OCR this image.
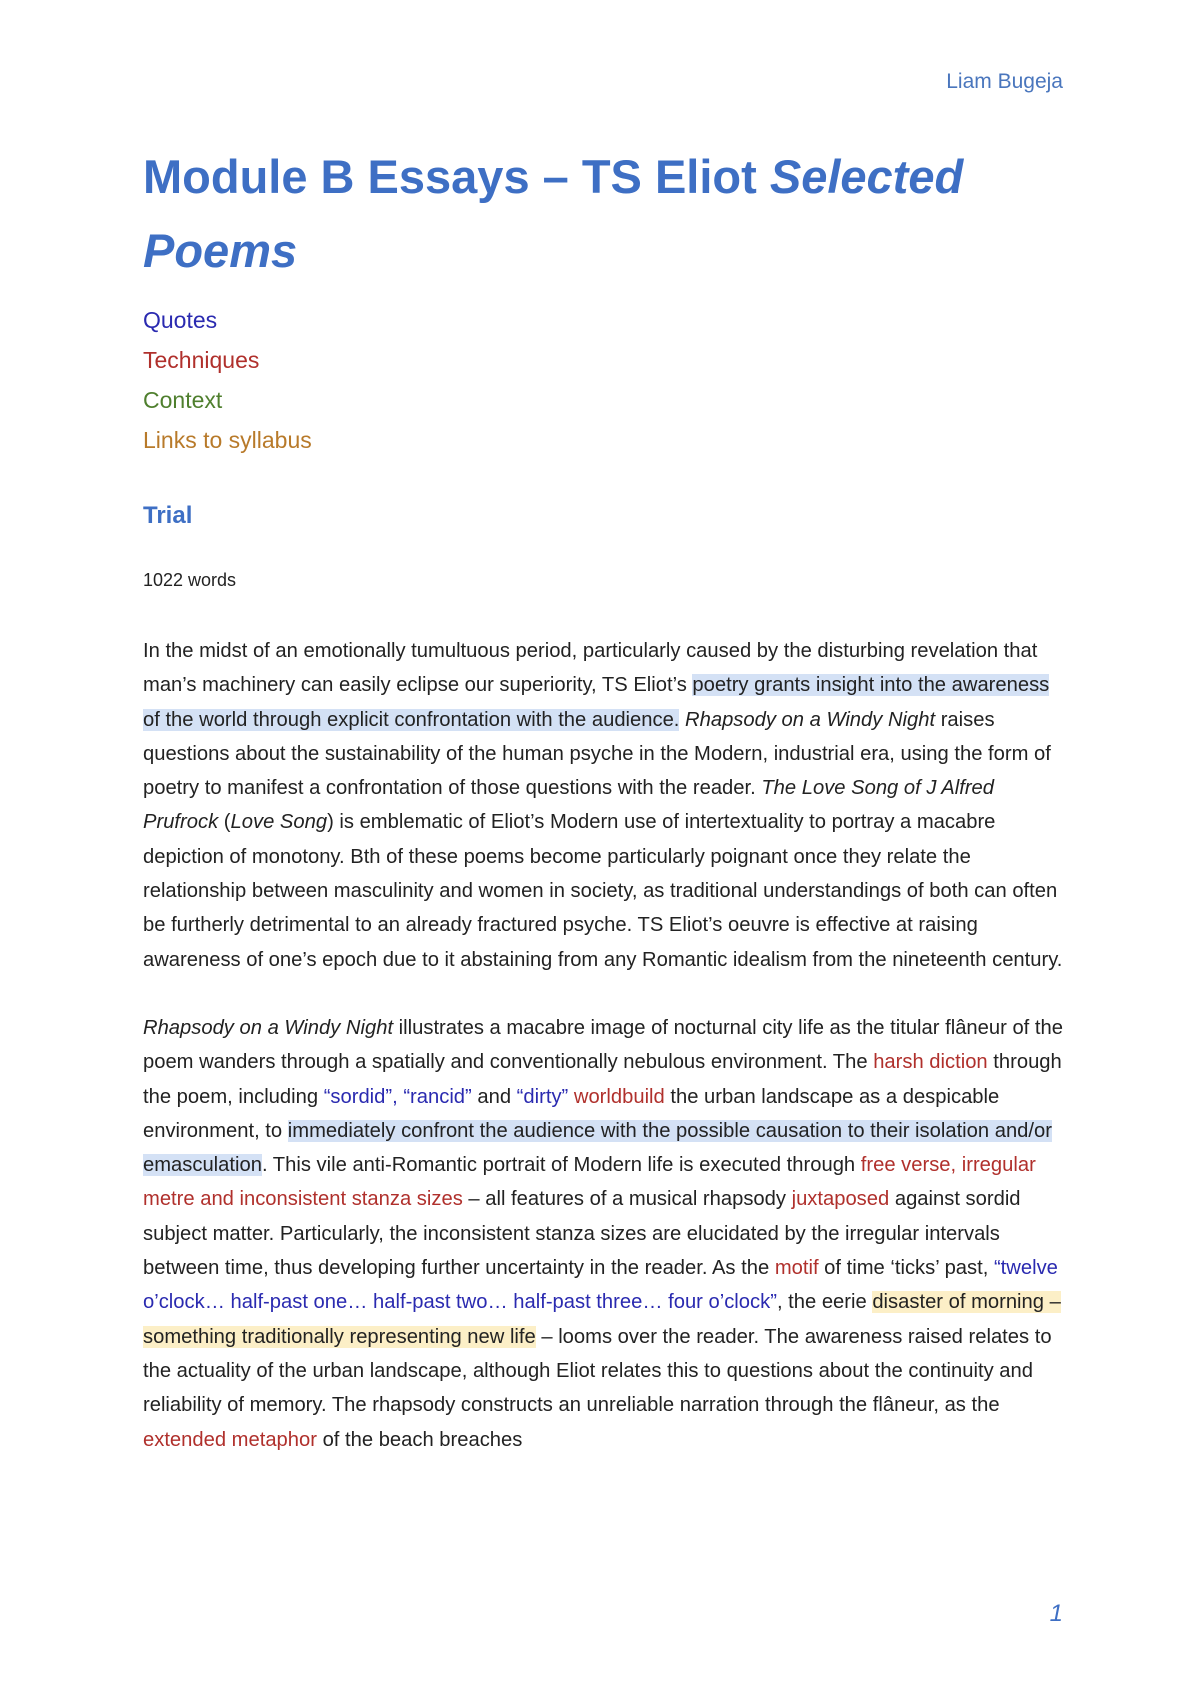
Liam Bugeja
Module B Essays – TS Eliot Selected Poems
Quotes
Techniques
Context
Links to syllabus
Trial
1022 words

In the midst of an emotionally tumultuous period, particularly caused by the disturbing revelation that man’s machinery can easily eclipse our superiority, TS Eliot’s poetry grants insight into the awareness of the world through explicit confrontation with the audience. Rhapsody on a Windy Night raises questions about the sustainability of the human psyche in the Modern, industrial era, using the form of poetry to manifest a confrontation of those questions with the reader. The Love Song of J Alfred Prufrock (Love Song) is emblematic of Eliot’s Modern use of intertextuality to portray a macabre depiction of monotony. Bth of these poems become particularly poignant once they relate the relationship between masculinity and women in society, as traditional understandings of both can often be furtherly detrimental to an already fractured psyche. TS Eliot’s oeuvre is effective at raising awareness of one’s epoch due to it abstaining from any Romantic idealism from the nineteenth century.

Rhapsody on a Windy Night illustrates a macabre image of nocturnal city life as the titular flâneur of the poem wanders through a spatially and conventionally nebulous environment. The harsh diction through the poem, including “sordid”, “rancid” and “dirty” worldbuild the urban landscape as a despicable environment, to immediately confront the audience with the possible causation to their isolation and/or emasculation. This vile anti-Romantic portrait of Modern life is executed through free verse, irregular metre and inconsistent stanza sizes – all features of a musical rhapsody juxtaposed against sordid subject matter. Particularly, the inconsistent stanza sizes are elucidated by the irregular intervals between time, thus developing further uncertainty in the reader. As the motif of time ‘ticks’ past, “twelve o’clock… half-past one… half-past two… half-past three… four o’clock”, the eerie disaster of morning – something traditionally representing new life – looms over the reader. The awareness raised relates to the actuality of the urban landscape, although Eliot relates this to questions about the continuity and reliability of memory. The rhapsody constructs an unreliable narration through the flâneur, as the extended metaphor of the beach breaches

1
